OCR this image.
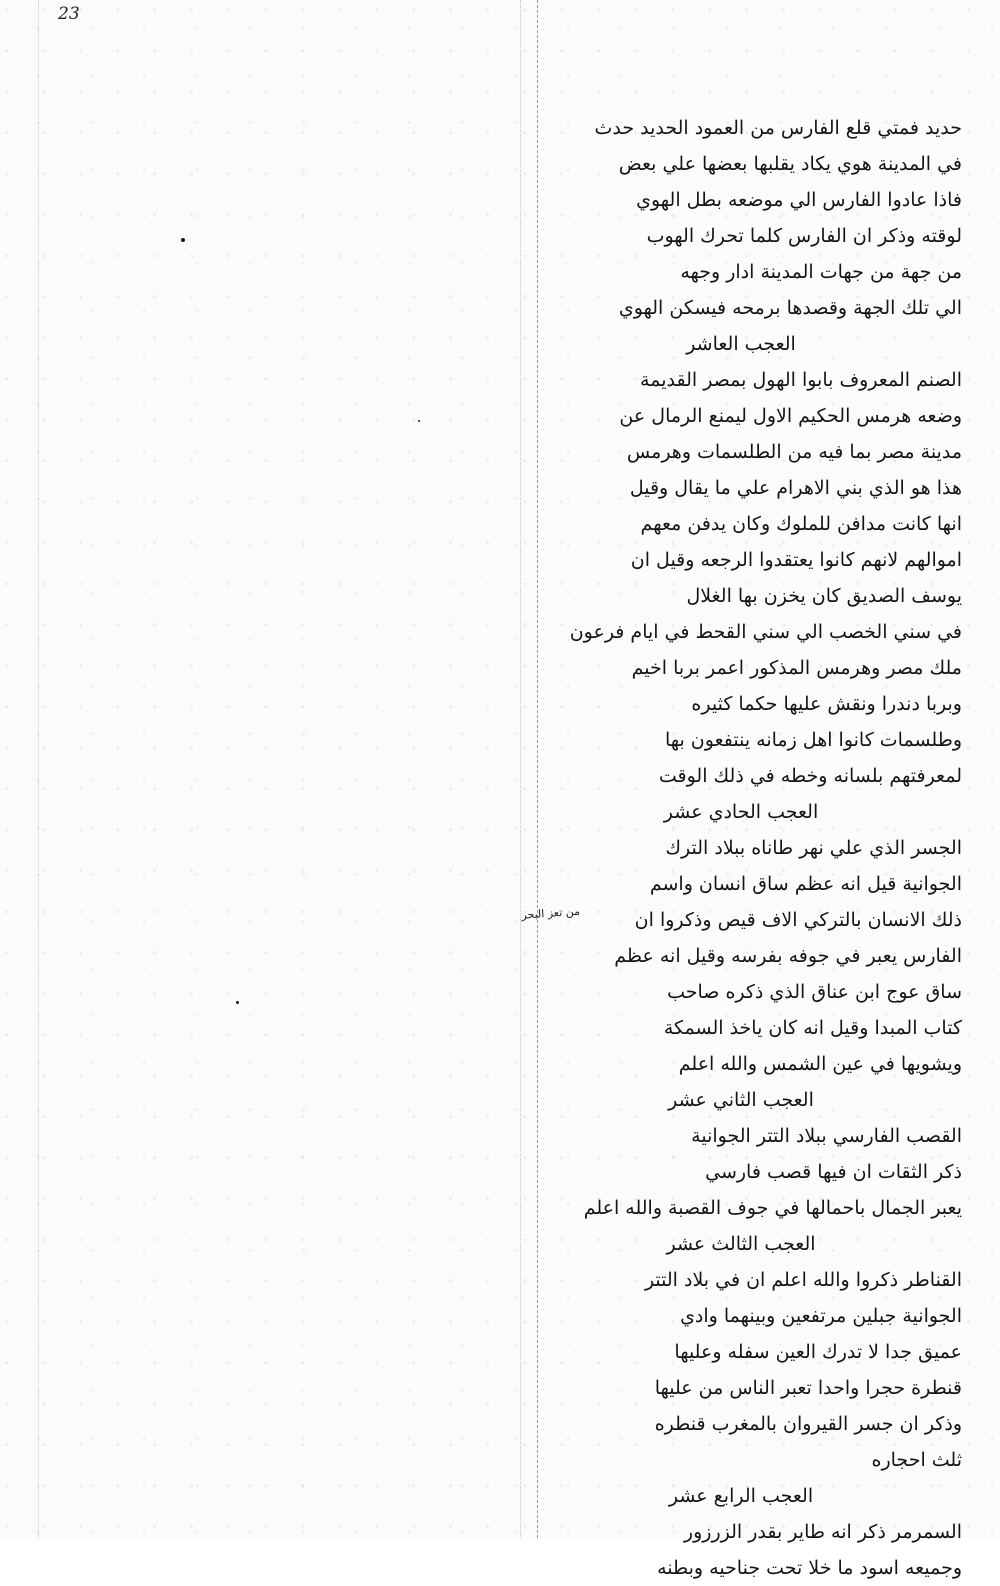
23
حديد فمتي قلع الفارس من العمود الحديد حدث
في المدينة هوي يكاد يقلبها بعضها علي بعض
فاذا عادوا الفارس الي موضعه بطل الهوي
لوقته وذكر ان الفارس كلما تحرك الهوب
من جهة من جهات المدينة ادار وجهه
الي تلك الجهة وقصدها برمحه فيسكن الهوي
العجب العاشر
الصنم المعروف بابوا الهول بمصر القديمة
وضعه هرمس الحكيم الاول ليمنع الرمال عن
مدينة مصر بما فيه من الطلسمات وهرمس
هذا هو الذي بني الاهرام علي ما يقال وقيل
انها كانت مدافن للملوك وكان يدفن معهم
اموالهم لانهم كانوا يعتقدوا الرجعه وقيل ان
يوسف الصديق كان يخزن بها الغلال
في سني الخصب الي سني القحط في ايام فرعون
ملك مصر وهرمس المذكور اعمر بربا اخيم
وبربا دندرا ونقش عليها حكما كثيره
وطلسمات كانوا اهل زمانه ينتفعون بها
لمعرفتهم بلسانه وخطه في ذلك الوقت
العجب الحادي عشر
الجسر الذي علي نهر طاناه ببلاد الترك
الجوانية قيل انه عظم ساق انسان واسم
ذلك الانسان بالتركي الاف قيص وذكروا ان
الفارس يعبر في جوفه بفرسه وقيل انه عظم
ساق عوج ابن عناق الذي ذكره صاحب
كتاب المبدا وقيل انه كان ياخذ السمكة
ويشويها في عين الشمس والله اعلم
العجب الثاني عشر
القصب الفارسي ببلاد التتر الجوانية
ذكر الثقات ان فيها قصب فارسي
يعبر الجمال باحمالها في جوف القصبة والله اعلم
العجب الثالث عشر
القناطر ذكروا والله اعلم ان في بلاد التتر
الجوانية جبلين مرتفعين وبينهما وادي
عميق جدا لا تدرك العين سفله وعليها
قنطرة حجرا واحدا تعبر الناس من عليها
وذكر ان جسر القيروان بالمغرب قنطره
ثلث احجاره
العجب الرابع عشر
السمرمر ذكر انه طاير بقدر الزرزور
وجميعه اسود ما خلا تحت جناحيه وبطنه
من تعز البحر
